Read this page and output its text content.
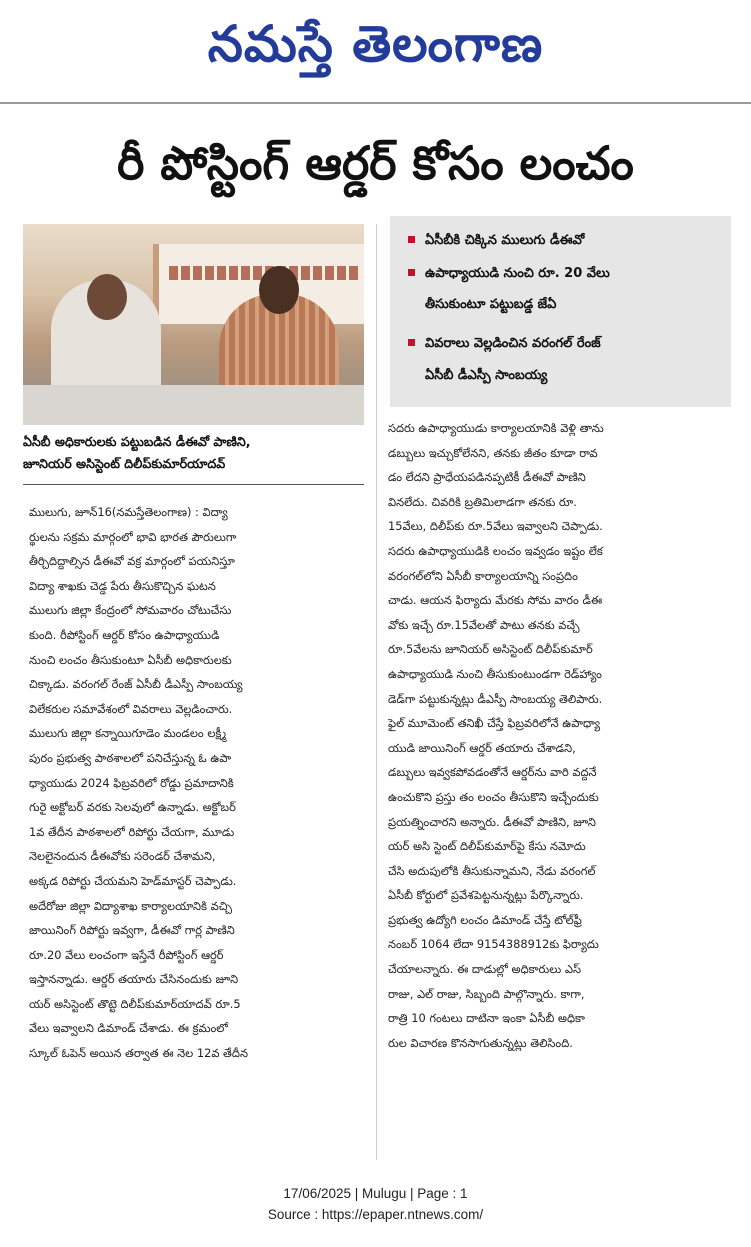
నమస్తే తెలంగాణ
రీ పోస్టింగ్ ఆర్డర్ కోసం లంచం
ఏసీబీ అధికారులకు పట్టుబడిన డీఈవో పాణిని,
జూనియర్ అసిస్టెంట్ దిలీప్‌కుమార్‌యాదవ్
ఏసీబీకి చిక్కిన ములుగు డీఈవో
ఉపాధ్యాయుడి నుంచి రూ. 20 వేలు
తీసుకుంటూ పట్టుబడ్డ జేఏ
వివరాలు వెల్లడించిన వరంగల్ రేంజ్
ఏసీబీ డీఎస్పీ సాంబయ్య

ములుగు, జూన్16(నమస్తేతెలంగాణ) : విద్యా

ర్థులను సక్రమ మార్గంలో భావి భారత పౌరులుగా

తీర్చిదిద్దాల్సిన డీఈవో వక్ర మార్గంలో పయనిస్తూ

విద్యా శాఖకు చెడ్డ పేరు తీసుకొచ్చిన ఘటన

ములుగు జిల్లా కేంద్రంలో సోమవారం చోటుచేసు

కుంది. రీపోస్టింగ్ ఆర్డర్ కోసం ఉపాధ్యాయుడి

నుంచి లంచం తీసుకుంటూ ఏసీబీ అధికారులకు

చిక్కాడు. వరంగల్ రేంజ్ ఏసీబీ డీఎస్పీ సాంబయ్య

విలేకరుల సమావేశంలో వివరాలు వెల్లడించారు.

ములుగు జిల్లా కన్నాయిగూడెం మండలం లక్ష్మీ

పురం ప్రభుత్వ పాఠశాలలో పనిచేస్తున్న ఓ ఉపా

ధ్యాయుడు 2024 ఫిబ్రవరిలో రోడ్డు ప్రమాదానికి

గురై అక్టోబర్ వరకు సెలవులో ఉన్నాడు. అక్టోబర్

1వ తేదీన పాఠశాలలో రిపోర్టు చేయగా, మూడు

నెలలైనందున డీఈవోకు సరెండర్ చేశామని,

అక్కడ రిపోర్టు చేయమని హెడ్‌మాస్టర్ చెప్పాడు.

అదేరోజు జిల్లా విద్యాశాఖ కార్యాలయానికి వచ్చి

జాయినింగ్ రిపోర్టు ఇవ్వగా, డీఈవో గార్ల పాణిని

రూ.20 వేలు లంచంగా ఇస్తేనే రీపోస్టింగ్ ఆర్డర్

ఇస్తానన్నాడు. ఆర్డర్ తయారు చేసినందుకు జూని

యర్ అసిస్టెంట్ తొట్టె దిలీప్‌కుమార్‌యాదవ్ రూ.5

వేలు ఇవ్వాలని డిమాండ్ చేశాడు. ఈ క్రమంలో

స్కూల్ ఓపెన్ అయిన తర్వాత ఈ నెల 12వ తేదీన

సదరు ఉపాధ్యాయుడు కార్యాలయానికి వెళ్లి తాను

డబ్బులు ఇచ్చుకోలేనని, తనకు జీతం కూడా రావ

డం లేదని ప్రాధేయపడినప్పటికీ డీఈవో పాణిని

వినలేదు. చివరికి బ్రతిమిలాడగా తనకు రూ.

15వేలు, దిలీప్‌కు రూ.5వేలు ఇవ్వాలని చెప్పాడు.

సదరు ఉపాధ్యాయుడికి లంచం ఇవ్వడం ఇష్టం లేక

వరంగల్‌లోని ఏసీబీ కార్యాలయాన్ని సంప్రదిం

చాడు. ఆయన ఫిర్యాదు మేరకు సోమ వారం డీఈ

వోకు ఇచ్చే రూ.15వేలతో పాటు తనకు వచ్చే

రూ.5వేలను జూనియర్ అసిస్టెంట్ దిలీప్‌కుమార్

ఉపాధ్యాయుడి నుంచి తీసుకుంటుండగా రెడ్‌హ్యాం

డెడ్‌గా పట్టుకున్నట్లు డీఎస్పీ సాంబయ్య తెలిపారు.

ఫైల్ మూమెంట్ తనిఖీ చేస్తే ఫిబ్రవరిలోనే ఉపాధ్యా

యుడి జాయినింగ్ ఆర్డర్ తయారు చేశాడని,

డబ్బులు ఇవ్వకపోవడంతోనే ఆర్డర్‌ను వారి వద్దనే

ఉంచుకొని ప్రస్తు తం లంచం తీసుకొని ఇచ్చేందుకు

ప్రయత్నించారని అన్నారు. డీఈవో పాణిని, జూని

యర్ అసి స్టెంట్ దిలీప్‌కుమార్‌పై కేసు నమోదు

చేసి అదుపులోకి తీసుకున్నామని, నేడు వరంగల్

ఏసీబీ కోర్టులో ప్రవేశపెట్టనున్నట్లు పేర్కొన్నారు.

ప్రభుత్వ ఉద్యోగి లంచం డిమాండ్ చేస్తే టోల్‌ఫ్రీ

నంబర్ 1064 లేదా 9154388912కు ఫిర్యాదు

చేయాలన్నారు. ఈ దాడుల్లో అధికారులు ఎస్

రాజు, ఎల్ రాజు, సిబ్బంది పాల్గొన్నారు. కాగా,

రాత్రి 10 గంటలు దాటినా ఇంకా ఏసీబీ అధికా

రుల విచారణ కొనసాగుతున్నట్లు తెలిసింది.

17/06/2025 | Mulugu | Page : 1
Source : https://epaper.ntnews.com/
